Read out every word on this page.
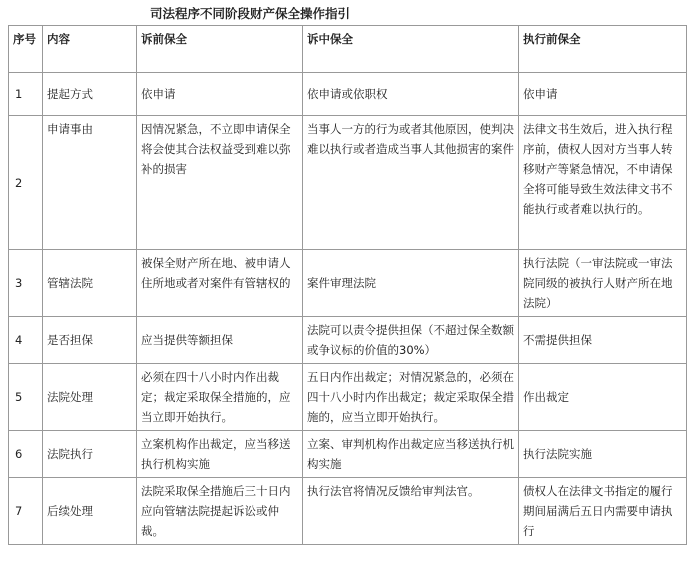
司法程序不同阶段财产保全操作指引
序号	内容	诉前保全	诉中保全	执行前保全
1	提起方式	依申请	依申请或依职权	依申请
2	申请事由	因情况紧急，不立即申请保全将会使其合法权益受到难以弥补的损害	当事人一方的行为或者其他原因，使判决难以执行或者造成当事人其他损害的案件	法律文书生效后，进入执行程序前，债权人因对方当事人转移财产等紧急情况，不申请保全将可能导致生效法律文书不能执行或者难以执行的。
3	管辖法院	被保全财产所在地、被申请人住所地或者对案件有管辖权的	案件审理法院	执行法院（一审法院或一审法院同级的被执行人财产所在地法院）
4	是否担保	应当提供等额担保	法院可以责令提供担保（不超过保全数额或争议标的价值的30%）	不需提供担保
5	法院处理	必须在四十八小时内作出裁定；裁定采取保全措施的，应当立即开始执行。	五日内作出裁定；对情况紧急的，必须在四十八小时内作出裁定；裁定采取保全措施的，应当立即开始执行。	作出裁定
6	法院执行	立案机构作出裁定，应当移送执行机构实施	立案、审判机构作出裁定应当移送执行机构实施	执行法院实施
7	后续处理	法院采取保全措施后三十日内应向管辖法院提起诉讼或仲裁。	执行法官将情况反馈给审判法官。	债权人在法律文书指定的履行期间届满后五日内需要申请执行
